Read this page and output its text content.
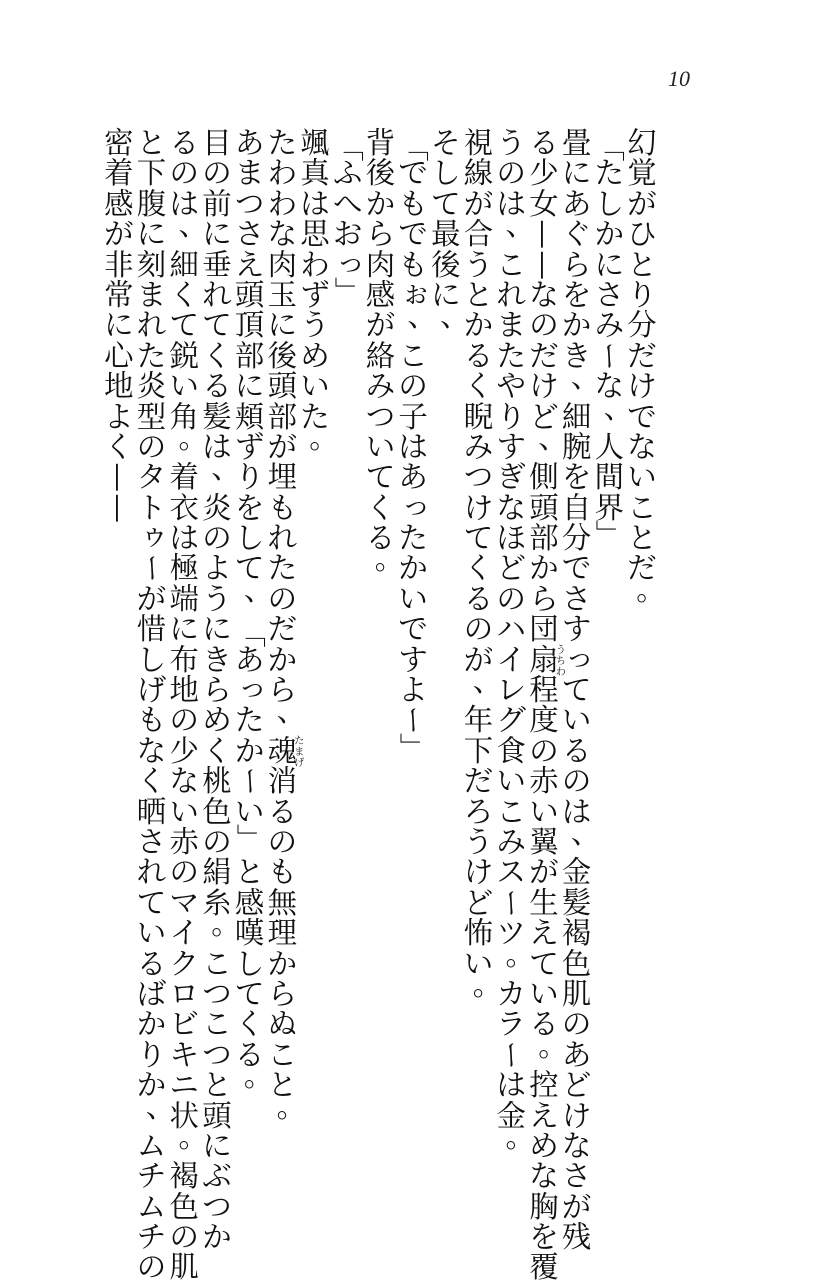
10
幻
覚
が
ひ
と
り
分
だ
け
で
な
い
こ
と
だ
。
「
た
し
か
に
さ
み
ー
な
、
人
間
界
」
畳
に
あ
ぐ
ら
を
か
き
、
細
腕
を
自
分
で
さ
す
っ
て
い
る
の
は
、
金
髪
褐
色
肌
の
あ
ど
け
な
さ
が
残
る
少
女
—
—
な
の
だ
け
ど
、
側
頭
部
か
ら
団
扇
う
ち
わ
程
度
の
赤
い
翼
が
生
え
て
い
る
。
控
え
め
な
胸
を
覆
う
の
は
、
こ
れ
ま
た
や
り
す
ぎ
な
ほ
ど
の
ハ
イ
レ
グ
食
い
こ
み
ス
ー
ツ
。
カ
ラ
ー
は
金
。
視
線
が
合
う
と
か
る
く
睨
み
つ
け
て
く
る
の
が
、
年
下
だ
ろ
う
け
ど
怖
い
。
そ
し
て
最
後
に
、
「
で
も
で
も
ぉ
、
こ
の
子
は
あ
っ
た
か
い
で
す
よ
ー
」
背
後
か
ら
肉
感
が
絡
み
つ
い
て
く
る
。
「
ふ
へ
お
っ
」
颯
真
は
思
わ
ず
う
め
い
た
。
た
わ
わ
な
肉
玉
に
後
頭
部
が
埋
も
れ
た
の
だ
か
ら
、
魂
た
ま
げ
消
る
の
も
無
理
か
ら
ぬ
こ
と
。
あ
ま
つ
さ
え
頭
頂
部
に
頬
ず
り
を
し
て
、
「
あ
っ
た
か
ー
い
」
と
感
嘆
し
て
く
る
。
目
の
前
に
垂
れ
て
く
る
髪
は
、
炎
の
よ
う
に
き
ら
め
く
桃
色
の
絹
糸
。
こ
つ
こ
つ
と
頭
に
ぶ
つ
か
る
の
は
、
細
く
て
鋭
い
角
。
着
衣
は
極
端
に
布
地
の
少
な
い
赤
の
マ
イ
ク
ロ
ビ
キ
ニ
状
。
褐
色
の
肌
と
下
腹
に
刻
ま
れ
た
炎
型
の
タ
ト
ゥ
ー
が
惜
し
げ
も
な
く
晒
さ
れ
て
い
る
ば
か
り
か
、
ム
チ
ム
チ
の
密
着
感
が
非
常
に
心
地
よ
く
—
—
